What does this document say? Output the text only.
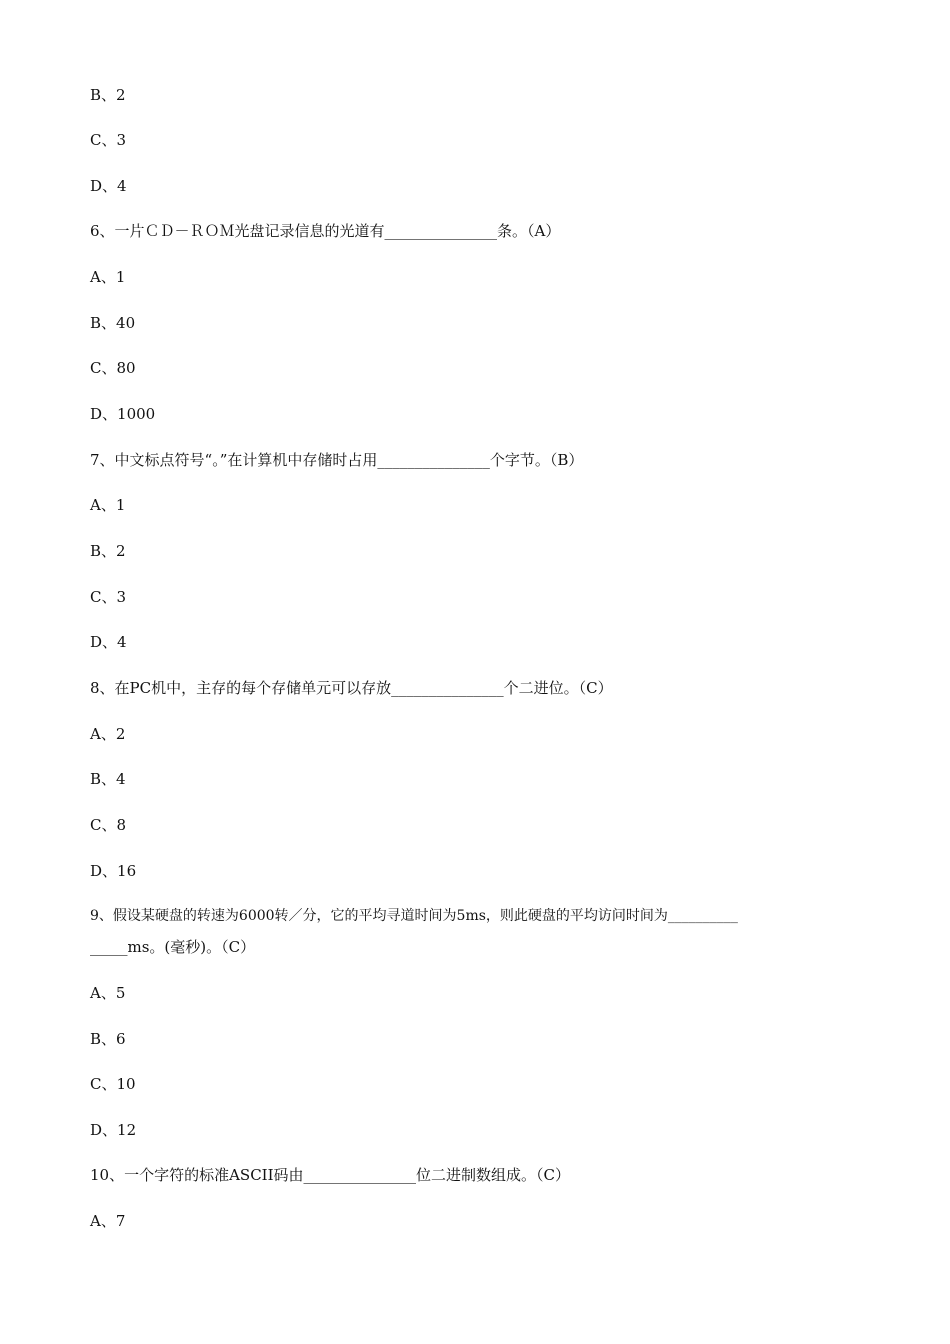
B、2
C、3
D、4
6、一片ＣＤ－ＲＯＭ光盘记录信息的光道有_______________条。（A）
A、1
B、40
C、80
D、1000
7、中文标点符号“。”在计算机中存储时占用_______________个字节。（B）
A、1
B、2
C、3
D、4
8、在PC机中，主存的每个存储单元可以存放_______________个二进位。（C）
A、2
B、4
C、8
D、16
9、假设某硬盘的转速为6000转／分，它的平均寻道时间为5ms，则此硬盘的平均访问时间为__________
_____ms。(毫秒)。（C）
A、5
B、6
C、10
D、12
10、一个字符的标准ASCII码由_______________位二进制数组成。（C）
A、7
